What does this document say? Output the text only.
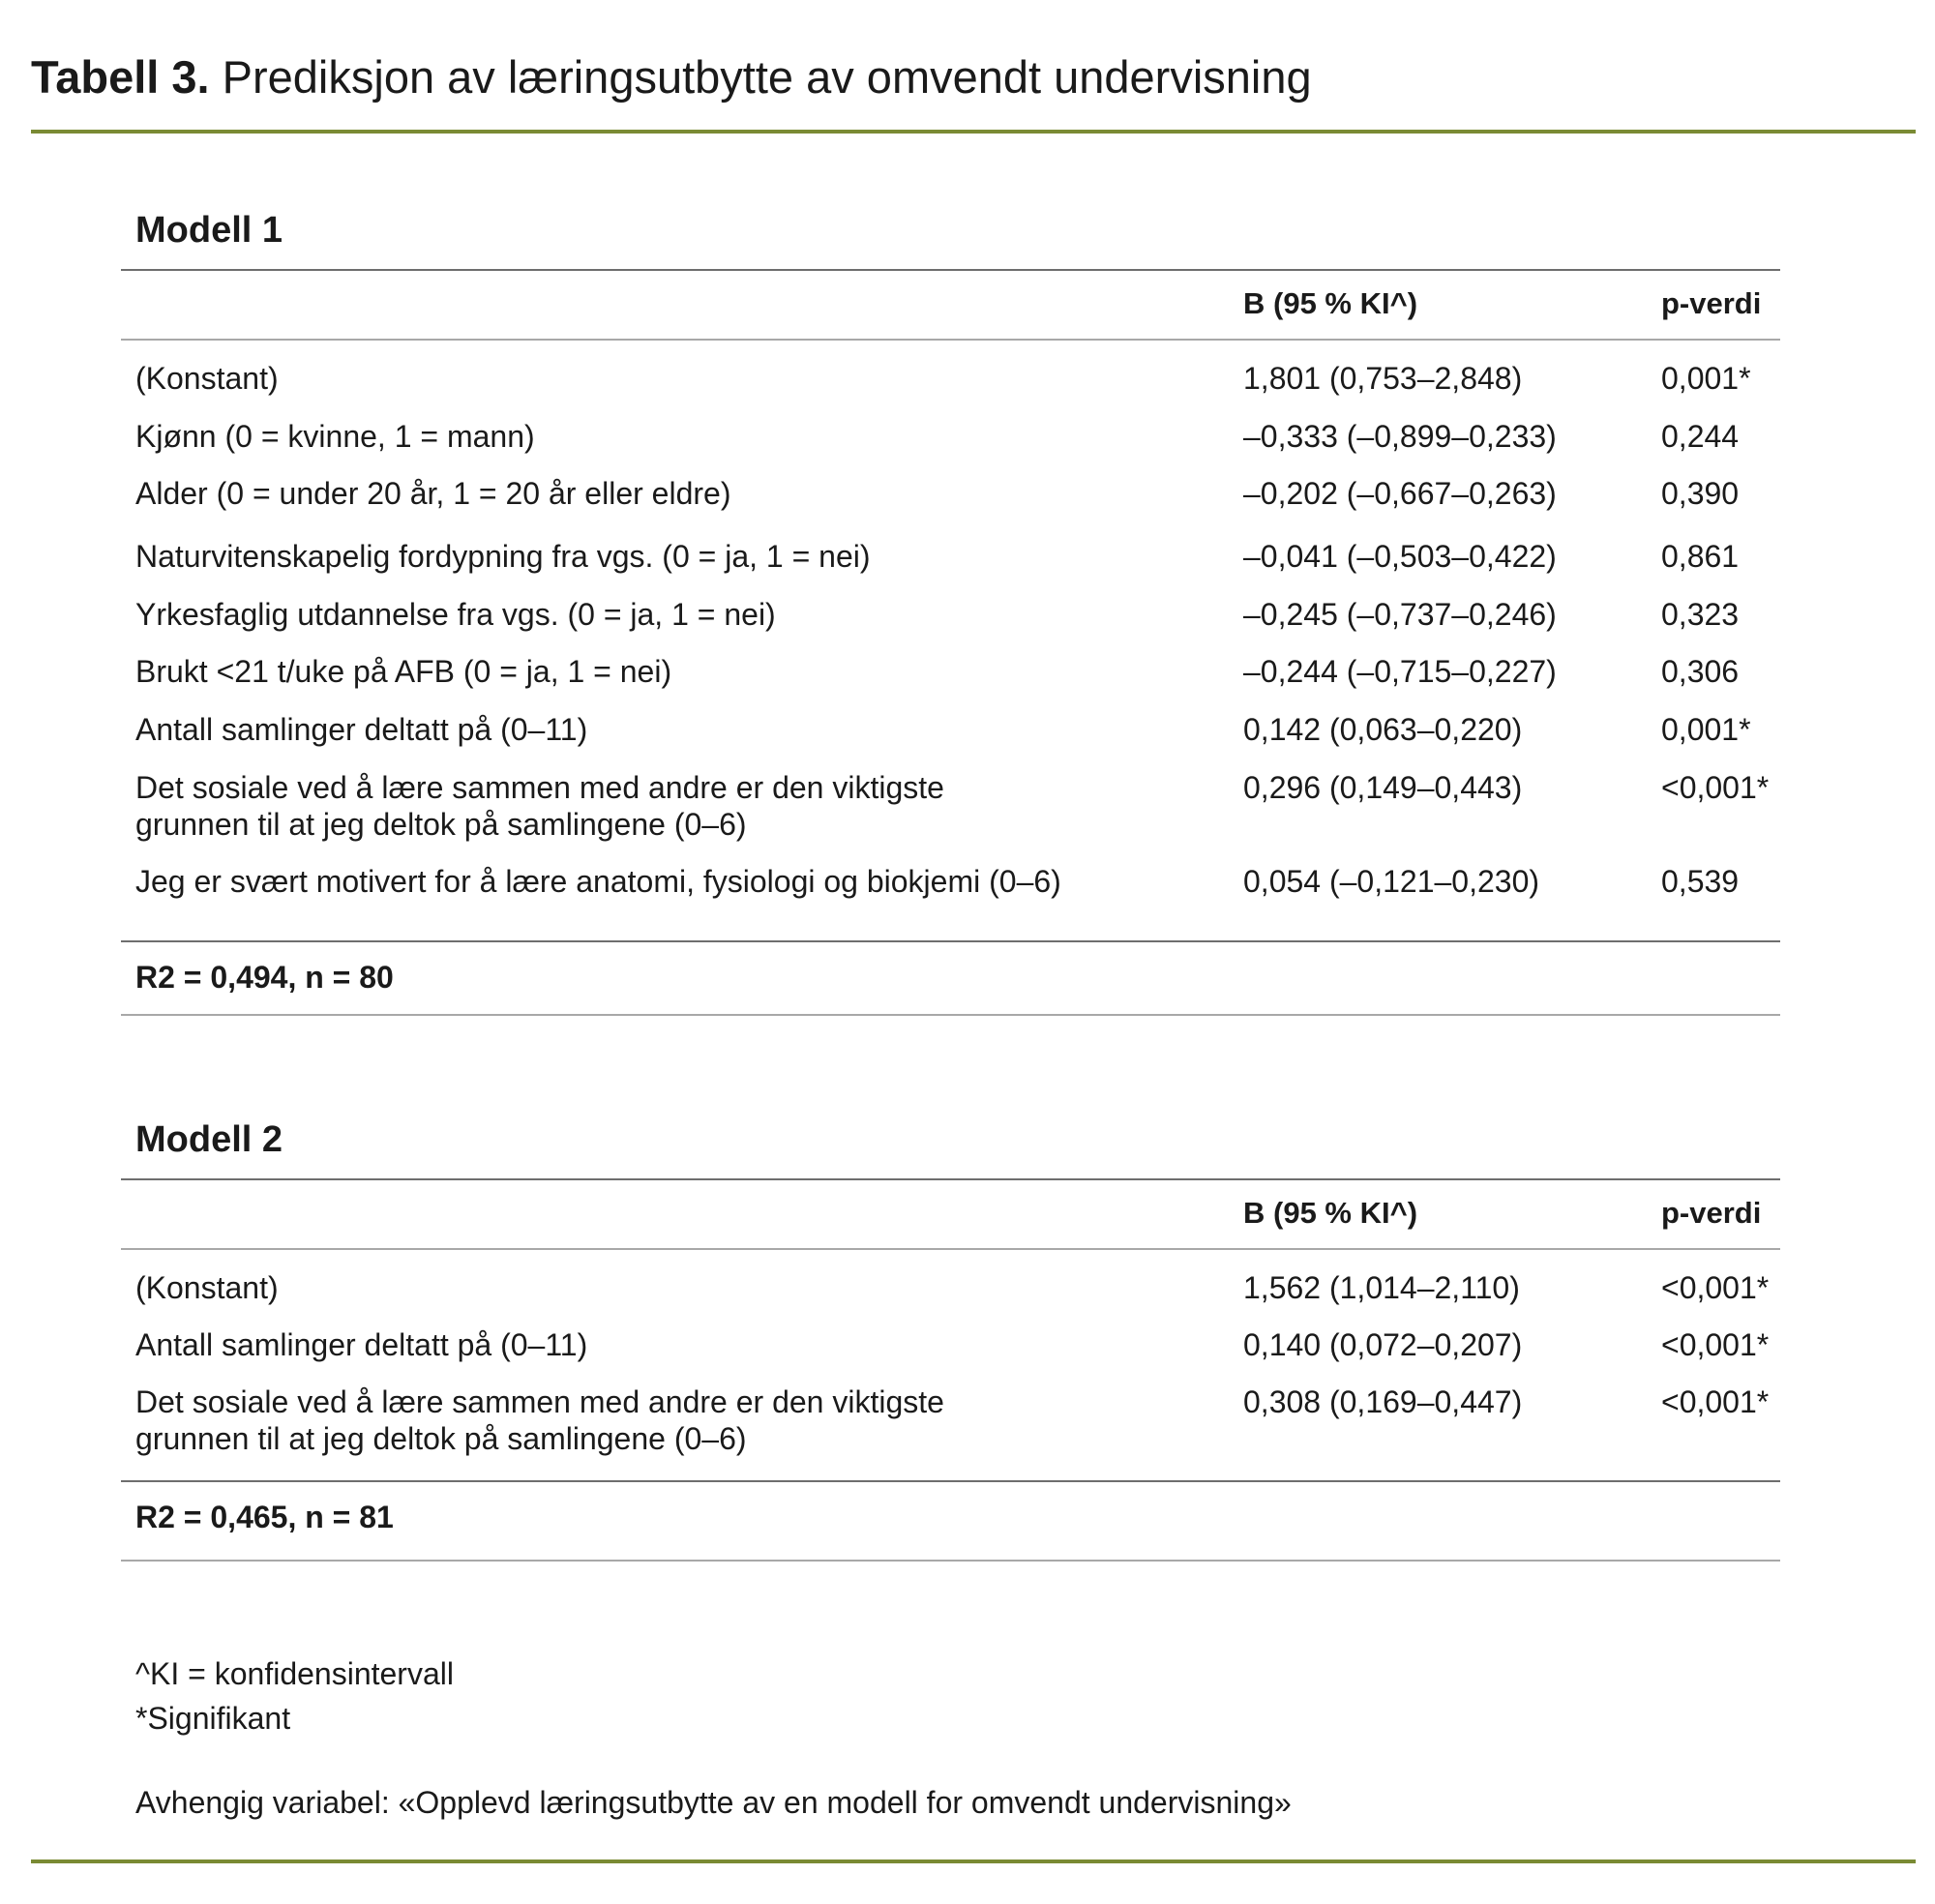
Tabell 3. Prediksjon av læringsutbytte av omvendt undervisning
Modell 1
B (95 % KI^)	p-verdi
(Konstant)	1,801 (0,753–2,848)	0,001*
Kjønn (0 = kvinne, 1 = mann)	–0,333 (–0,899–0,233)	0,244
Alder (0 = under 20 år, 1 = 20 år eller eldre)	–0,202 (–0,667–0,263)	0,390
Naturvitenskapelig fordypning fra vgs. (0 = ja, 1 = nei)	–0,041 (–0,503–0,422)	0,861
Yrkesfaglig utdannelse fra vgs. (0 = ja, 1 = nei)	–0,245 (–0,737–0,246)	0,323
Brukt <21 t/uke på AFB (0 = ja, 1 = nei)	–0,244 (–0,715–0,227)	0,306
Antall samlinger deltatt på (0–11)	0,142 (0,063–0,220)	0,001*
Det sosiale ved å lære sammen med andre er den viktigste
grunnen til at jeg deltok på samlingene (0–6)
0,296 (0,149–0,443)	<0,001*
Jeg er svært motivert for å lære anatomi, fysiologi og biokjemi (0–6)	0,054 (–0,121–0,230)	0,539
R2 = 0,494, n = 80
Modell 2
B (95 % KI^)	p-verdi
(Konstant)	1,562 (1,014–2,110)	<0,001*
Antall samlinger deltatt på (0–11)	0,140 (0,072–0,207)	<0,001*
Det sosiale ved å lære sammen med andre er den viktigste
grunnen til at jeg deltok på samlingene (0–6)
0,308 (0,169–0,447)	<0,001*
R2 = 0,465, n = 81
^KI = konfidensintervall
*Signifikant
Avhengig variabel: «Opplevd læringsutbytte av en modell for omvendt undervisning»
